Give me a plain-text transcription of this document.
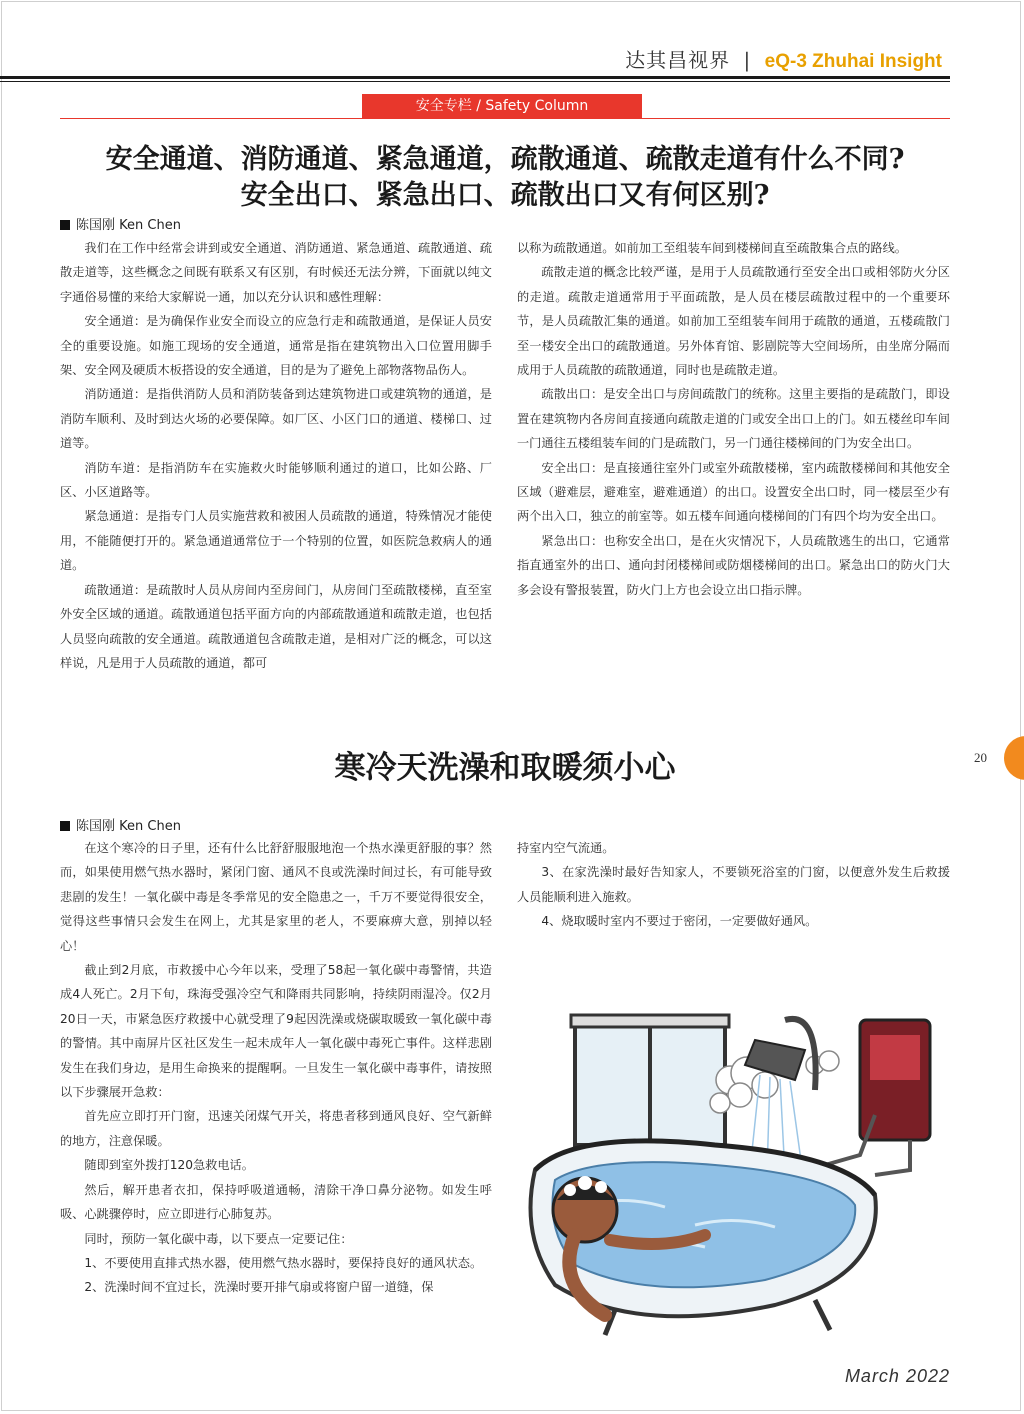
达其昌视界 | eQ-3 Zhuhai Insight
安全专栏 / Safety Column
安全通道、消防通道、紧急通道，疏散通道、疏散走道有什么不同?
安全出口、紧急出口、疏散出口又有何区别?
陈国刚 Ken Chen

我们在工作中经常会讲到或安全通道、消防通道、紧急通道、疏散通道、疏散走道等，这些概念之间既有联系又有区别，有时候还无法分辨，下面就以纯文字通俗易懂的来给大家解说一通，加以充分认识和感性理解：

安全通道：是为确保作业安全而设立的应急行走和疏散通道，是保证人员安全的重要设施。如施工现场的安全通道，通常是指在建筑物出入口位置用脚手架、安全网及硬质木板搭设的安全通道，目的是为了避免上部物落物品伤人。

消防通道：是指供消防人员和消防装备到达建筑物进口或建筑物的通道，是消防车顺利、及时到达火场的必要保障。如厂区、小区门口的通道、楼梯口、过道等。

消防车道：是指消防车在实施救火时能够顺利通过的道口，比如公路、厂区、小区道路等。

紧急通道：是指专门人员实施营救和被困人员疏散的通道，特殊情况才能使用，不能随便打开的。紧急通道通常位于一个特别的位置，如医院急救病人的通道。

疏散通道：是疏散时人员从房间内至房间门，从房间门至疏散楼梯，直至室外安全区域的通道。疏散通道包括平面方向的内部疏散通道和疏散走道，也包括人员竖向疏散的安全通道。疏散通道包含疏散走道，是相对广泛的概念，可以这样说，凡是用于人员疏散的通道，都可

以称为疏散通道。如前加工至组装车间到楼梯间直至疏散集合点的路线。

疏散走道的概念比较严谨，是用于人员疏散通行至安全出口或相邻防火分区的走道。疏散走道通常用于平面疏散，是人员在楼层疏散过程中的一个重要环节，是人员疏散汇集的通道。如前加工至组装车间用于疏散的通道，五楼疏散门至一楼安全出口的疏散通道。另外体育馆、影剧院等大空间场所，由坐席分隔而成用于人员疏散的疏散通道，同时也是疏散走道。

疏散出口：是安全出口与房间疏散门的统称。这里主要指的是疏散门，即设置在建筑物内各房间直接通向疏散走道的门或安全出口上的门。如五楼丝印车间一门通往五楼组装车间的门是疏散门，另一门通往楼梯间的门为安全出口。

安全出口：是直接通往室外门或室外疏散楼梯，室内疏散楼梯间和其他安全区域（避难层，避难室，避难通道）的出口。设置安全出口时，同一楼层至少有两个出入口，独立的前室等。如五楼车间通向楼梯间的门有四个均为安全出口。

紧急出口：也称安全出口，是在火灾情况下，人员疏散逃生的出口，它通常指直通室外的出口、通向封闭楼梯间或防烟楼梯间的出口。紧急出口的防火门大多会设有警报装置，防火门上方也会设立出口指示牌。

20
寒冷天洗澡和取暖须小心
陈国刚 Ken Chen

在这个寒冷的日子里，还有什么比舒舒服服地泡一个热水澡更舒服的事？然而，如果使用燃气热水器时，紧闭门窗、通风不良或洗澡时间过长，有可能导致悲剧的发生！一氧化碳中毒是冬季常见的安全隐患之一，千万不要觉得很安全，觉得这些事情只会发生在网上，尤其是家里的老人，不要麻痹大意，别掉以轻心！

截止到2月底，市救援中心今年以来，受理了58起一氧化碳中毒警情，共造成4人死亡。2月下旬，珠海受强冷空气和降雨共同影响，持续阴雨湿冷。仅2月20日一天，市紧急医疗救援中心就受理了9起因洗澡或烧碳取暖致一氧化碳中毒的警情。其中南屏片区社区发生一起未成年人一氧化碳中毒死亡事件。这样悲剧发生在我们身边，是用生命换来的提醒啊。一旦发生一氧化碳中毒事件，请按照以下步骤展开急救：

首先应立即打开门窗，迅速关闭煤气开关，将患者移到通风良好、空气新鲜的地方，注意保暖。

随即到室外拨打120急救电话。

然后，解开患者衣扣，保持呼吸道通畅，清除干净口鼻分泌物。如发生呼吸、心跳骤停时，应立即进行心肺复苏。

同时，预防一氧化碳中毒，以下要点一定要记住：

1、不要使用直排式热水器，使用燃气热水器时，要保持良好的通风状态。

2、洗澡时间不宜过长，洗澡时要开排气扇或将窗户留一道缝，保

持室内空气流通。

3、在家洗澡时最好告知家人，不要锁死浴室的门窗，以便意外发生后救援人员能顺利进入施救。

4、烧取暖时室内不要过于密闭，一定要做好通风。

March 2022
